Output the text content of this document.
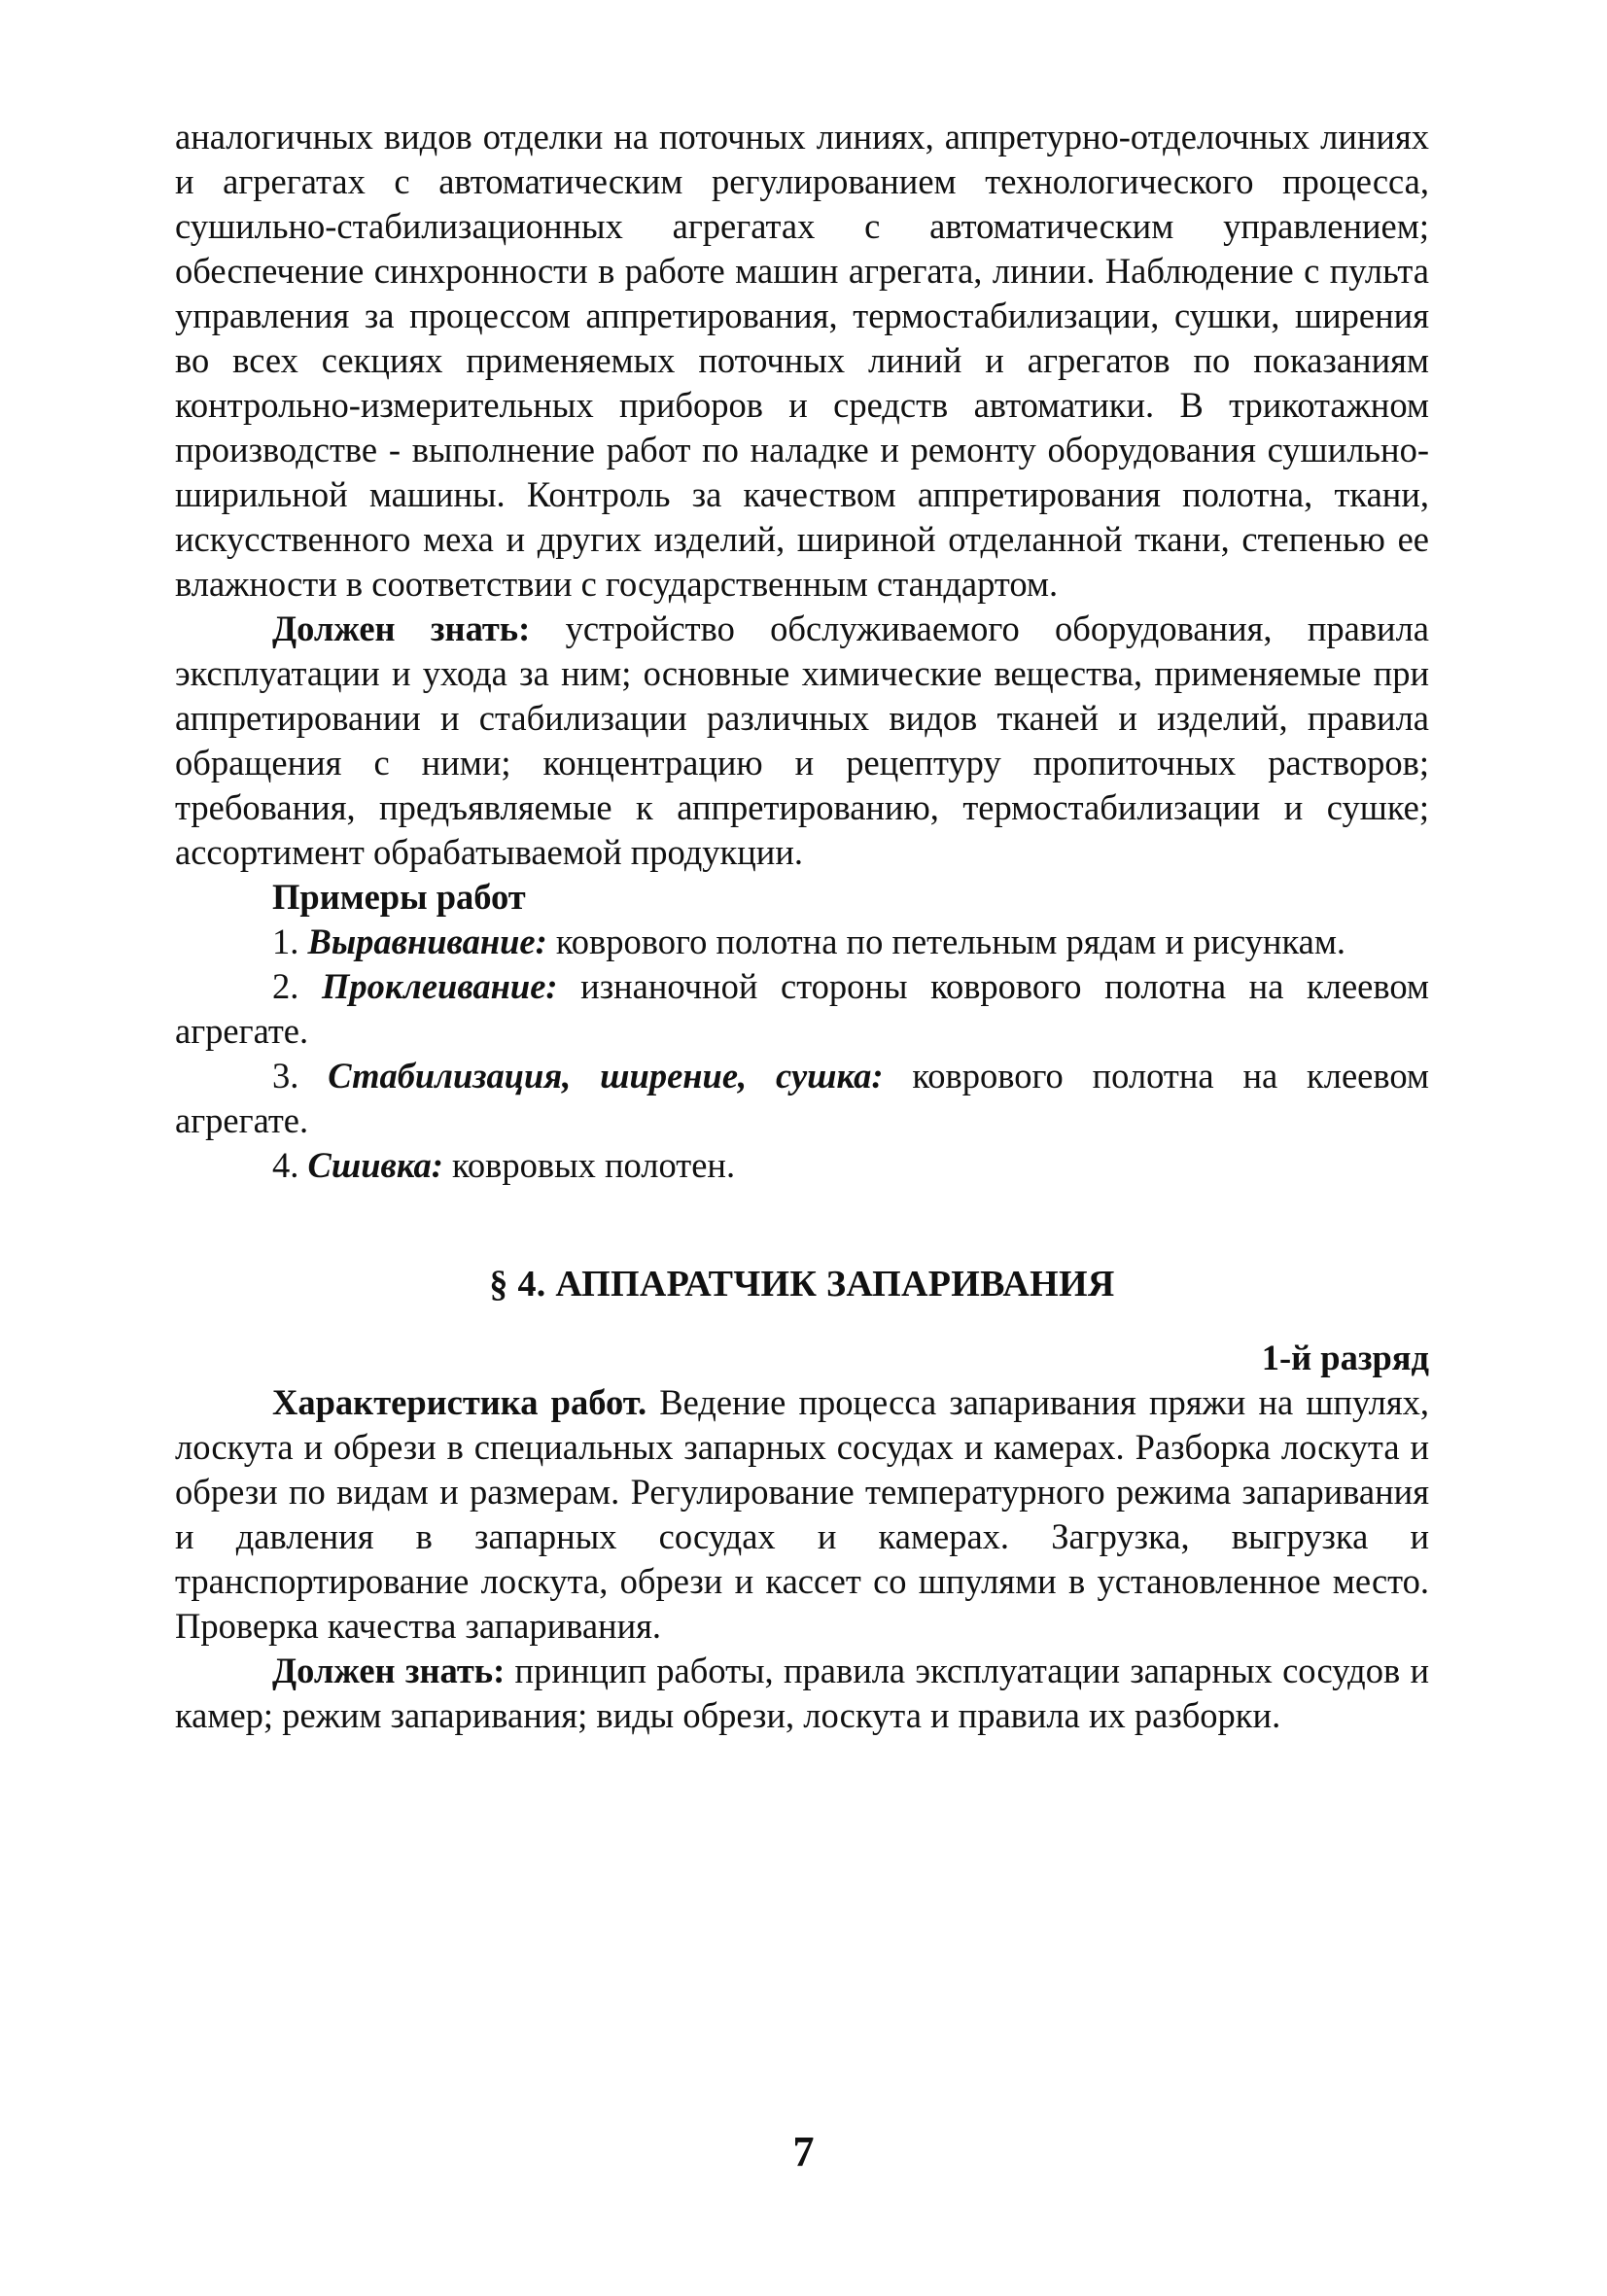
аналогичных видов отделки на поточных линиях, аппретурно-отделочных линиях и агрегатах с автоматическим регулированием технологического процесса, сушильно-стабилизационных агрегатах с автоматическим управлением; обеспечение синхронности в работе машин агрегата, линии. Наблюдение с пульта управления за процессом аппретирования, термостабилизации, сушки, ширения во всех секциях применяемых поточных линий и агрегатов по показаниям контрольно-измерительных приборов и средств автоматики. В трикотажном производстве - выполнение работ по наладке и ремонту оборудования сушильно-ширильной машины. Контроль за качеством аппретирования полотна, ткани, искусственного меха и других изделий, шириной отделанной ткани, степенью ее влажности в соответствии с государственным стандартом.

Должен знать: устройство обслуживаемого оборудования, правила эксплуатации и ухода за ним; основные химические вещества, применяемые при аппретировании и стабилизации различных видов тканей и изделий, правила обращения с ними; концентрацию и рецептуру пропиточных растворов; требования, предъявляемые к аппретированию, термостабилизации и сушке; ассортимент обрабатываемой продукции.

Примеры работ

1. Выравнивание: коврового полотна по петельным рядам и рисункам.

2. Проклеивание: изнаночной стороны коврового полотна на клеевом агрегате.

3. Стабилизация, ширение, сушка: коврового полотна на клеевом агрегате.

4. Сшивка: ковровых полотен.

§ 4. АППАРАТЧИК ЗАПАРИВАНИЯ

1-й разряд

Характеристика работ. Ведение процесса запаривания пряжи на шпулях, лоскута и обрези в специальных запарных сосудах и камерах. Разборка лоскута и обрези по видам и размерам. Регулирование температурного режима запаривания и давления в запарных сосудах и камерах. Загрузка, выгрузка и транспортирование лоскута, обрези и кассет со шпулями в установленное место. Проверка качества запаривания.

Должен знать: принцип работы, правила эксплуатации запарных сосудов и камер; режим запаривания; виды обрези, лоскута и правила их разборки.

7
